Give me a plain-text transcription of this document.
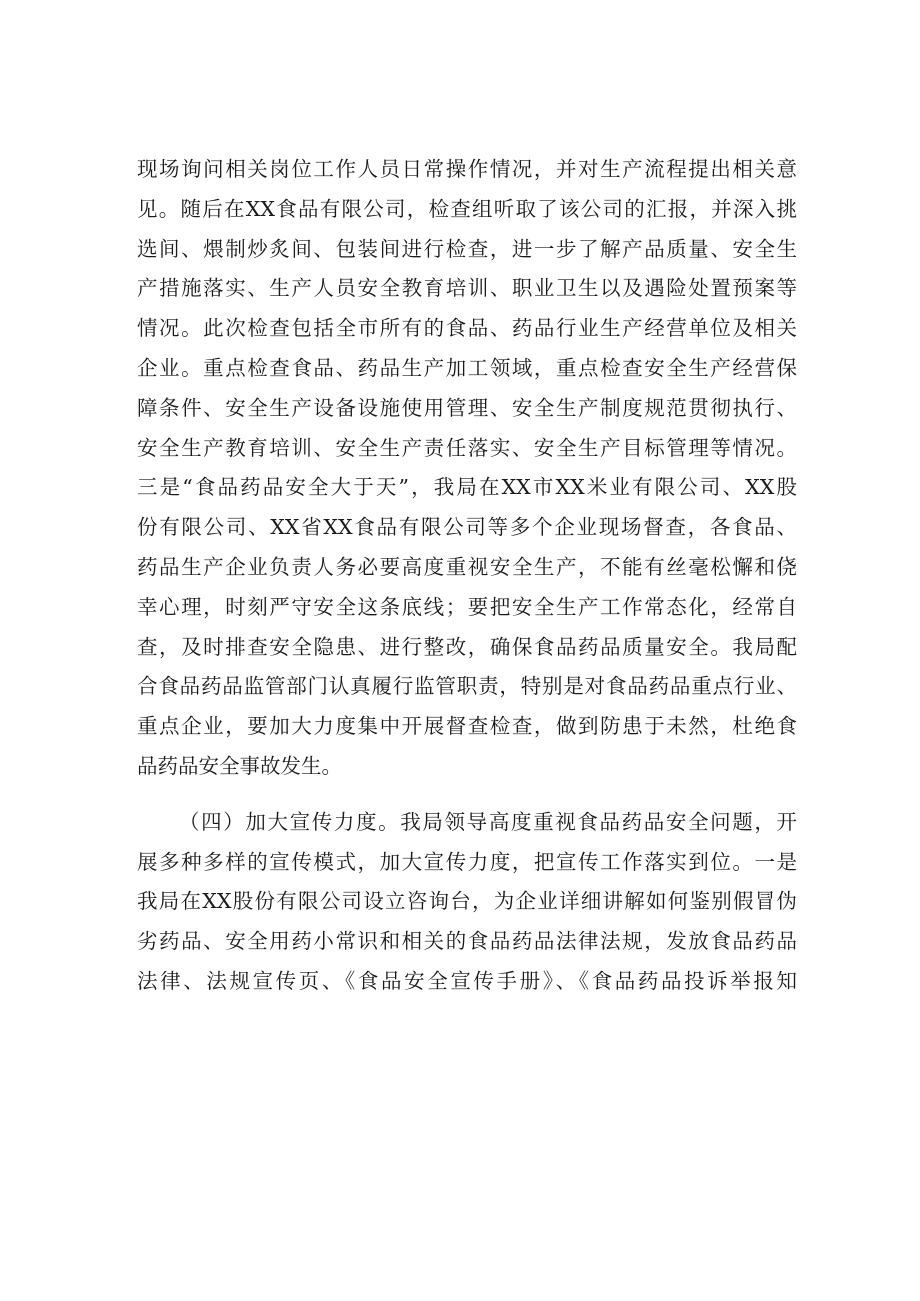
现场询问相关岗位工作人员日常操作情况，并对生产流程提出相关意
见。随后在XX食品有限公司，检查组听取了该公司的汇报，并深入挑
选间、煨制炒炙间、包装间进行检查，进一步了解产品质量、安全生
产措施落实、生产人员安全教育培训、职业卫生以及遇险处置预案等
情况。此次检查包括全市所有的食品、药品行业生产经营单位及相关
企业。重点检查食品、药品生产加工领域，重点检查安全生产经营保
障条件、安全生产设备设施使用管理、安全生产制度规范贯彻执行、
安全生产教育培训、安全生产责任落实、安全生产目标管理等情况。
三是“食品药品安全大于天”，我局在XX市XX米业有限公司、XX股
份有限公司、XX省XX食品有限公司等多个企业现场督查，各食品、
药品生产企业负责人务必要高度重视安全生产，不能有丝毫松懈和侥
幸心理，时刻严守安全这条底线；要把安全生产工作常态化，经常自
查，及时排查安全隐患、进行整改，确保食品药品质量安全。我局配
合食品药品监管部门认真履行监管职责，特别是对食品药品重点行业、
重点企业，要加大力度集中开展督查检查，做到防患于未然，杜绝食
品药品安全事故发生。
（四）加大宣传力度。我局领导高度重视食品药品安全问题，开
展多种多样的宣传模式，加大宣传力度，把宣传工作落实到位。一是
我局在XX股份有限公司设立咨询台，为企业详细讲解如何鉴别假冒伪
劣药品、安全用药小常识和相关的食品药品法律法规，发放食品药品
法律、法规宣传页、《食品安全宣传手册》、《食品药品投诉举报知
